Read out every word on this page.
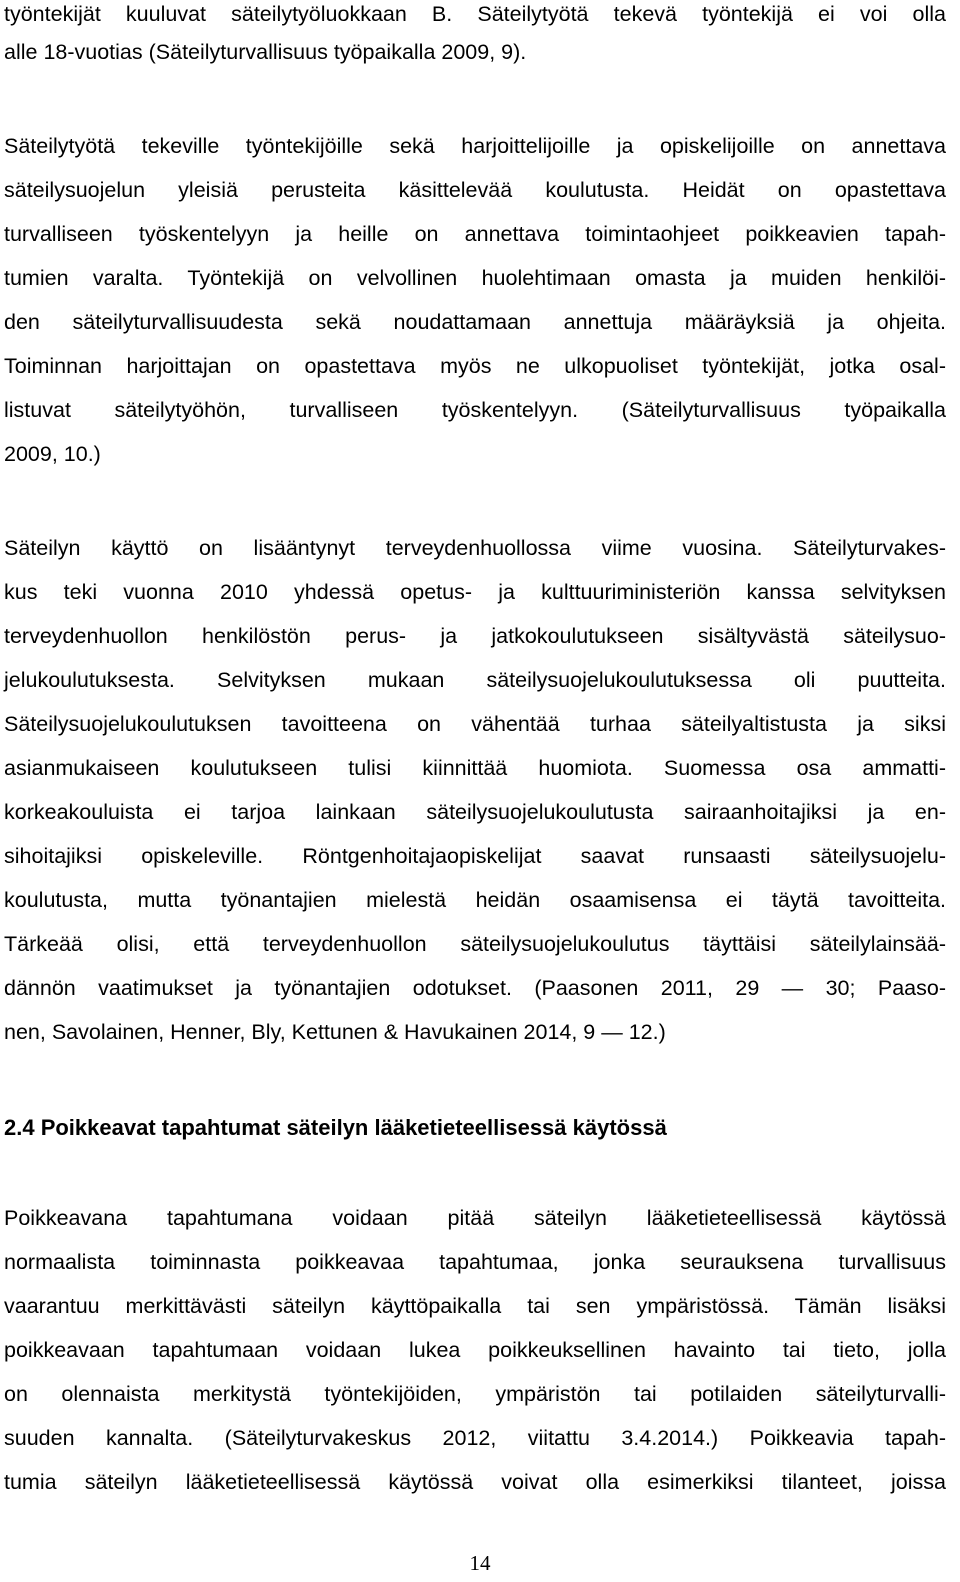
työntekijät kuuluvat säteilytyöluokkaan B. Säteilytyötä tekevä työntekijä ei voi olla
alle 18-vuotias (Säteilyturvallisuus työpaikalla 2009, 9).
Säteilytyötä tekeville työntekijöille sekä harjoittelijoille ja opiskelijoille on annettava
säteilysuojelun yleisiä perusteita käsittelevää koulutusta. Heidät on opastettava
turvalliseen työskentelyyn ja heille on annettava toimintaohjeet poikkeavien tapah-
tumien varalta. Työntekijä on velvollinen huolehtimaan omasta ja muiden henkilöi-
den säteilyturvallisuudesta sekä noudattamaan annettuja määräyksiä ja ohjeita.
Toiminnan harjoittajan on opastettava myös ne ulkopuoliset työntekijät, jotka osal-
listuvat säteilytyöhön, turvalliseen työskentelyyn. (Säteilyturvallisuus työpaikalla
2009, 10.)
Säteilyn käyttö on lisääntynyt terveydenhuollossa viime vuosina. Säteilyturvakes-
kus teki vuonna 2010 yhdessä opetus- ja kulttuuriministeriön kanssa selvityksen
terveydenhuollon henkilöstön perus- ja jatkokoulutukseen sisältyvästä säteilysuo-
jelukoulutuksesta. Selvityksen mukaan säteilysuojelukoulutuksessa oli puutteita.
Säteilysuojelukoulutuksen tavoitteena on vähentää turhaa säteilyaltistusta ja siksi
asianmukaiseen koulutukseen tulisi kiinnittää huomiota. Suomessa osa ammatti-
korkeakouluista ei tarjoa lainkaan säteilysuojelukoulutusta sairaanhoitajiksi ja en-
sihoitajiksi opiskeleville. Röntgenhoitajaopiskelijat saavat runsaasti säteilysuojelu-
koulutusta, mutta työnantajien mielestä heidän osaamisensa ei täytä tavoitteita.
Tärkeää olisi, että terveydenhuollon säteilysuojelukoulutus täyttäisi säteilylainsää-
dännön vaatimukset ja työnantajien odotukset. (Paasonen 2011, 29 — 30; Paaso-
nen, Savolainen, Henner, Bly, Kettunen & Havukainen 2014, 9 — 12.)
2.4 Poikkeavat tapahtumat säteilyn lääketieteellisessä käytössä
Poikkeavana tapahtumana voidaan pitää säteilyn lääketieteellisessä käytössä
normaalista toiminnasta poikkeavaa tapahtumaa, jonka seurauksena turvallisuus
vaarantuu merkittävästi säteilyn käyttöpaikalla tai sen ympäristössä. Tämän lisäksi
poikkeavaan tapahtumaan voidaan lukea poikkeuksellinen havainto tai tieto, jolla
on olennaista merkitystä työntekijöiden, ympäristön tai potilaiden säteilyturvalli-
suuden kannalta. (Säteilyturvakeskus 2012, viitattu 3.4.2014.) Poikkeavia tapah-
tumia säteilyn lääketieteellisessä käytössä voivat olla esimerkiksi tilanteet, joissa
14
